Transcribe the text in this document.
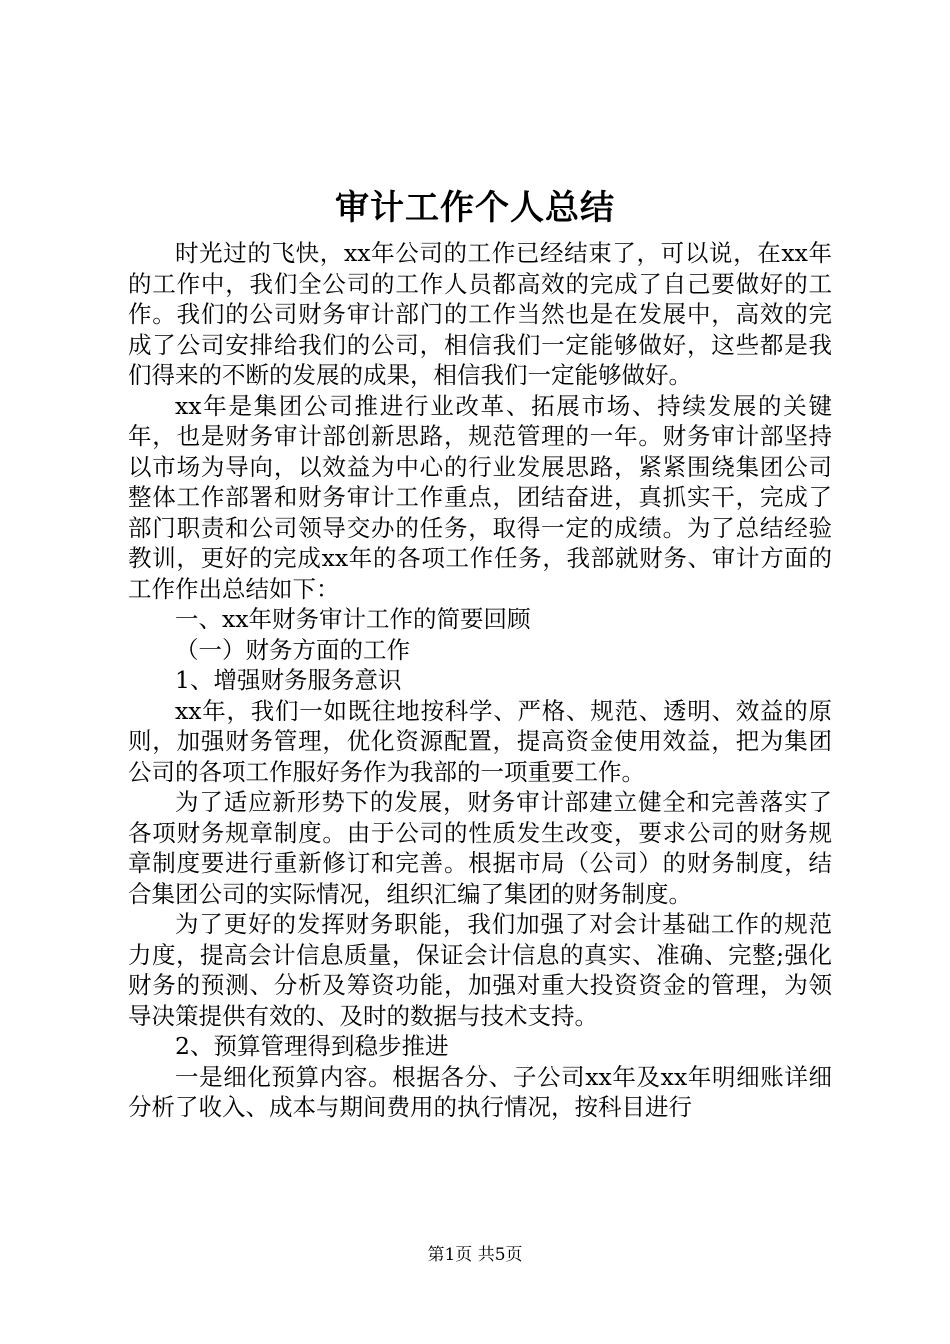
审计工作个人总结

时光过的飞快，xx年公司的工作已经结束了，可以说，在xx年的工作中，我们全公司的工作人员都高效的完成了自己要做好的工作。我们的公司财务审计部门的工作当然也是在发展中，高效的完成了公司安排给我们的公司，相信我们一定能够做好，这些都是我们得来的不断的发展的成果，相信我们一定能够做好。

xx年是集团公司推进行业改革、拓展市场、持续发展的关键年，也是财务审计部创新思路，规范管理的一年。财务审计部坚持以市场为导向，以效益为中心的行业发展思路，紧紧围绕集团公司整体工作部署和财务审计工作重点，团结奋进，真抓实干，完成了部门职责和公司领导交办的任务，取得一定的成绩。为了总结经验教训，更好的完成xx年的各项工作任务，我部就财务、审计方面的工作作出总结如下：

一、xx年财务审计工作的简要回顾

（一）财务方面的工作

1、增强财务服务意识

xx年，我们一如既往地按科学、严格、规范、透明、效益的原则，加强财务管理，优化资源配置，提高资金使用效益，把为集团公司的各项工作服好务作为我部的一项重要工作。

为了适应新形势下的发展，财务审计部建立健全和完善落实了各项财务规章制度。由于公司的性质发生改变，要求公司的财务规章制度要进行重新修订和完善。根据市局（公司）的财务制度，结合集团公司的实际情况，组织汇编了集团的财务制度。

为了更好的发挥财务职能，我们加强了对会计基础工作的规范力度，提高会计信息质量，保证会计信息的真实、准确、完整;强化财务的预测、分析及筹资功能，加强对重大投资资金的管理，为领导决策提供有效的、及时的数据与技术支持。

2、预算管理得到稳步推进

一是细化预算内容。根据各分、子公司xx年及xx年明细账详细分析了收入、成本与期间费用的执行情况，按科目进行

第1页 共5页
